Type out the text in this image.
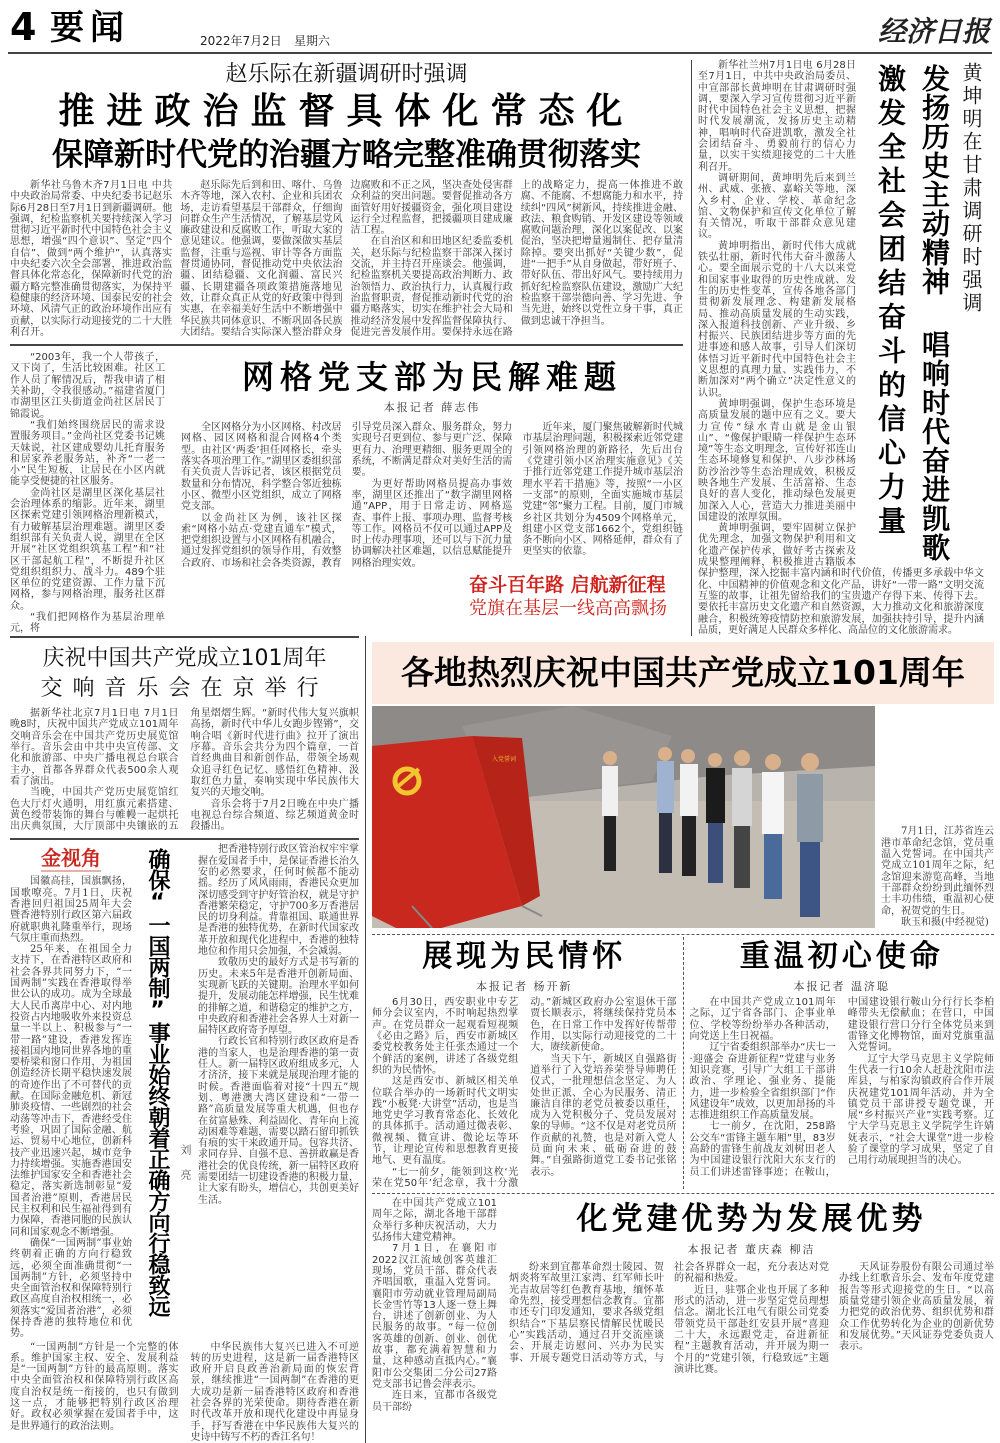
4 要闻	2022年7月2日 星期六	经济日报
赵乐际在新疆调研时强调
推进政治监督具体化常态化
保障新时代党的治疆方略完整准确贯彻落实

新华社乌鲁木齐7月1日电 中共中央政治局常委、中央纪委书记赵乐际6月28日至7月1日到新疆调研。他强调，纪检监察机关要持续深入学习贯彻习近平新时代中国特色社会主义思想，增强“四个意识”、坚定“四个自信”、做到“两个维护”，认真落实中央纪委六次全会部署，推进政治监督具体化常态化，保障新时代党的治疆方略完整准确贯彻落实，为保持平稳健康的经济环境、国泰民安的社会环境、风清气正的政治环境作出应有贡献，以实际行动迎接党的二十大胜利召开。

赵乐际先后到和田、喀什、乌鲁木齐等地，深入农村、企业和兵团农场，走访看望基层干部群众，仔细询问群众生产生活情况，了解基层党风廉政建设和反腐败工作，听取大家的意见建议。他强调，要做深做实基层监督，注重与巡视、审计等各方面监督贯通协同，督促推动党中央依法治疆、团结稳疆、文化润疆、富民兴疆、长期建疆各项政策措施落地见效，让群众真正从党的好政策中得到实惠，在幸福美好生活中不断增强中华民族共同体意识、不断巩固各民族大团结。要结合实际深入整治群众身边腐败和不正之风，坚决查处侵害群众利益的突出问题。要督促推动各方面管好用好援疆资金，强化项目建设运行全过程监督，把援疆项目建成廉洁工程。

在自治区和和田地区纪委监委机关，赵乐际与纪检监察干部深入探讨交流，并主持召开座谈会。他强调，纪检监察机关要提高政治判断力、政治领悟力、政治执行力，认真履行政治监督职责，督促推动新时代党的治疆方略落实，切实在维护社会大局和推动经济发展中发挥监督保障执行、促进完善发展作用。要保持永远在路上的战略定力，提高一体推进不敢腐、不能腐、不想腐能力和水平，持续纠“四风”树新风，持续推进金融、政法、粮食购销、开发区建设等领域腐败问题治理，深化以案促改、以案促治，坚决把增量遏制住、把存量清除掉。要突出抓好“关键少数”，促进“一把手”从自身做起，带好班子、带好队伍、带出好风气。要持续用力抓好纪检监察队伍建设，激励广大纪检监察干部崇德向善、学习先进、争当先进，始终以党性立身干事，真正做到忠诚干净担当。

“2003年，我一个人带孩子，又下岗了，生活比较困难。社区工作人员了解情况后，帮我申请了相关补助，令我很感动。”福建省厦门市湖里区江头街道金尚社区居民丁锦霞说。

“我们始终围绕居民的需求设置服务项目。”金尚社区党委书记姚天妹说，社区建成婴幼儿托育服务和居家养老服务站，补齐“一老一小”民生短板，让居民在小区内就能享受便捷的社区服务。

金尚社区是湖里区深化基层社会治理体系的缩影。近年来，湖里区探索党建引领网格治理新模式，有力破解基层治理难题。湖里区委组织部有关负责人说，湖里在全区开展“社区党组织筑基工程”和“社区干部起航工程”，不断提升社区党组织组织力、战斗力。489个驻区单位的党建资源、工作力量下沉网格，参与网格治理，服务社区群众。

“我们把网格作为基层治理单元，将

网格党支部为民解难题
本报记者 薛志伟

全区网格分为小区网格、村改居网格、园区网格和混合网格4个类型。由社区‘两委’担任网格长，牵头落实各项治理工作。”湖里区委组织部有关负责人告诉记者，该区根据党员数量和分布情况，科学整合邻近独栋小区、微型小区党组织，成立了网格党支部。

以金尚社区为例，该社区探索“网格小站点·党建直通车”模式，把党组织设置与小区网格有机融合，通过发挥党组织的领导作用，有效整合政府、市场和社会各类资源，教育引导党员深入群众、服务群众，努力实现号召更到位、参与更广泛、保障更有力、治理更精细、服务更周全的系统，不断满足群众对美好生活的需要。

为更好帮助网格员提高办事效率，湖里区还推出了“数字湖里网格通”APP，用于日常走访、网格巡查、事件上报、事项办理、监督考核等工作。网格员不仅可以通过APP及时上传办理事项，还可以与下沉力量协调解决社区难题，以信息赋能提升网格治理实效。

近年来，厦门聚焦破解新时代城市基层治理问题，积极探索近邻党建引领网格治理的新路径，先后出台《党建引领小区治理实施意见》《关于推行近邻党建工作提升城市基层治理水平若干措施》等，按照“一小区一支部”的原则，全面实施城市基层党建“邻”聚力工程。目前，厦门市城乡社区共划分为4509个网格单元，组建小区党支部1662个，党组织链条不断向小区、网格延伸，群众有了更坚实的依靠。

奋斗百年路 启航新征程
党旗在基层一线高高飘扬
黄坤明在甘肃调研时强调
发扬历史主动精神 唱响时代奋进凯歌
激发全社会团结奋斗的信心力量

新华社兰州7月1日电 6月28日至7月1日，中共中央政治局委员、中宣部部长黄坤明在甘肃调研时强调，要深入学习宣传贯彻习近平新时代中国特色社会主义思想，把握时代发展潮流，发扬历史主动精神，唱响时代奋进凯歌，激发全社会团结奋斗、勇毅前行的信心力量，以实干实绩迎接党的二十大胜利召开。

调研期间，黄坤明先后来到兰州、武威、张掖、嘉峪关等地，深入乡村、企业、学校、革命纪念馆、文物保护和宣传文化单位了解有关情况，听取干部群众意见建议。

黄坤明指出，新时代伟大成就铁弘壮丽，新时代伟大奋斗激荡人心。要全面展示党的十八大以来党和国家事业取得的历史性成就、发生的历史性变革，宣传各地各部门贯彻新发展理念、构建新发展格局、推动高质量发展的生动实践，深入报道科技创新、产业升级、乡村振兴、民族团结进步等方面的先进事迹和感人故事，引导人们深切体悟习近平新时代中国特色社会主义思想的真理力量、实践伟力，不断加深对“两个确立”决定性意义的认识。

黄坤明强调，保护生态环境是高质量发展的题中应有之义。要大力宣传“绿水青山就是金山银山”、“像保护眼睛一样保护生态环境”等生态文明理念，宣传好祁连山生态环境修复和保护、八步沙林场防沙治沙等生态治理成效，积极反映各地生产发展、生活富裕、生态良好的喜人变化，推动绿色发展更加深入人心，营造大力推进美丽中国建设的浓厚氛围。

黄坤明强调，要牢固树立保护优先理念，加强文物保护利用和文化遗产保护传承，做好考古探索及成果整理阐释，积极推进古籍版本保护整理，深入挖掘丰富内涵和时代价值，传播更多承载中华文化、中国精神的价值观念和文化产品，讲好“一带一路”文明交流互鉴的故事，让祖先留给我们的宝贵遗产存得下来、传得下去。要依托丰富历史文化遗产和自然资源，大力推动文化和旅游深度融合，积极统筹疫情防控和旅游发展，加强扶持引导，提升内涵品质，更好满足人民群众多样化、高品位的文化旅游需求。

庆祝中国共产党成立101周年
交响音乐会在京举行

据新华社北京7月1日电 7月1日晚8时，庆祝中国共产党成立101周年交响音乐会在中国共产党历史展览馆举行。音乐会由中共中央宣传部、文化和旅游部、中央广播电视总台联合主办，首都各界群众代表500余人观看了演出。

当晚，中国共产党历史展览馆红色大厅灯火通明，用红旗元素搭建、黄色绶带装饰的舞台与帷幔一起烘托出庆典氛围，大厅顶部中央镶嵌的五角星熠熠生辉。“新时代伟大复兴旗帜高扬，新时代中华儿女跑步铿锵”，交响合唱《新时代进行曲》拉开了演出序幕。音乐会共分为四个篇章，一首首经典曲目和新创作品，带领全场观众追寻红色记忆、感悟红色精神、汲取红色力量，奏响实现中华民族伟大复兴的天地交响。

音乐会将于7月2日晚在中央广播电视总台综合频道、综艺频道黄金时段播出。

金视角

国徽高挂，国旗飘扬，国歌嘹亮。7月1日，庆祝香港回归祖国25周年大会暨香港特别行政区第六届政府就职典礼隆重举行，现场气氛庄重而热烈。

25年来，在祖国全力支持下，在香港特区政府和社会各界共同努力下，“一国两制”实践在香港取得举世公认的成功。成为全球最大人民币离岸中心、对内地投资占内地吸收外来投资总量一半以上、积极参与“一带一路”建设，香港发挥连接祖国内地同世界各地的重要桥梁和窗口作用，为祖国创造经济长期平稳快速发展的奇迹作出了不可替代的贡献。在国际金融危机、新冠肺炎疫情、一些剧烈的社会动荡等冲击下，香港经受住考验，巩固了国际金融、航运、贸易中心地位，创新科技产业迅速兴起，城市竞争力持续增强。实施香港国安法维护国家安全和香港社会稳定，落实新选制彰显“爱国者治港”原则，香港居民民主权利和民生福祉得到有力保障，香港同胞的民族认同和国家观念不断增强。

确保“一国两制”事业始终朝着正确的方向行稳致远，必须全面准确贯彻“一国两制”方针，必须坚持中央全面管治权和保障特别行政区高度自治权相统一，必须落实“爱国者治港”，必须保持香港的独特地位和优势。

确保“一国两制”事业始终朝着正确方向行稳致远 刘亮

把香港特别行政区管治权牢牢掌握在爱国者手中，是保证香港长治久安的必然要求，任何时候都不能动摇。经历了风风雨雨，香港民众更加深切感受到守护好管治权，就是守护香港繁荣稳定，守护700多万香港居民的切身利益。背靠祖国、联通世界是香港的独特优势，在新时代国家改革开放和现代化进程中，香港的独特地位和作用只会加强，不会减弱。

致敬历史的最好方式是书写新的历史。未来5年是香港开创新局面、实现新飞跃的关键期。治理水平如何提升，发展动能怎样增强，民生忧难的排解之道，和谐稳定的维护之方，中央政府和香港社会各界人士对新一届特区政府寄予厚望。

行政长官和特别行政区政府是香港的当家人，也是治理香港的第一责任人。新一届特区政府组成多元，人才济济，接下来就是展现治理才能的时候。香港面临着对接“十四五”规划、粤港澳大湾区建设和“一带一路”高质量发展等重大机遇，但也存在贫富悬殊、利益固化、青年向上流动困难等难题，需要以踏石留印抓铁有痕的实干来政通开局。包容共济、求同存异、自强不息、善拼敢赢是香港社会的优良传统，新一届特区政府需要团结一切建设香港的积极力量，让大家有盼头，增信心，共创更美好生活。

“一国两制”方针是一个完整的体系。维护国家主权、安全、发展利益是“一国两制”方针的最高原则。落实中央全面管治权和保障特别行政区高度自治权是统一衔接的，也只有做到这一点，才能够把特别行政区治理好。政权必须掌握在爱国者手中，这是世界通行的政治法则。

中华民族伟大复兴已进入不可逆转的历史进程，这是新一届香港特区政府开启良政善治新局面的恢宏背景，继续推进“一国两制”在香港的更大成功是新一届香港特区政府和香港社会各界的光荣使命。期待香港在新时代改革开放和现代化建设中再显身手，抒写香港在中华民族伟大复兴的史诗中铸写不朽的香江名句！

各地热烈庆祝中国共产党成立101周年
入党誓词

7月1日，江苏省连云港市革命纪念馆，党员重温入党誓词。在中国共产党成立101周年之际，纪念馆迎来游览高峰，当地干部群众纷纷到此缅怀烈士丰功伟绩，重温初心使命，祝贺党的生日。

耿玉和摄(中经视觉)

展现为民情怀
本报记者 杨开新

6月30日，西安职业中专艺师分会议室内，不时响起热烈掌声。在党员群众一起观看短视频《必由之路》后，西安市新城区委党校教务处主任张杰通过一个个鲜活的案例，讲述了各级党组织的为民情怀。

这是西安市、新城区相关单位联合举办的一场新时代文明实践“小板凳·大讲堂”活动，也是当地党史学习教育常态化、长效化的具体抓手。活动通过微表彰、微视频、微宣讲、微论坛等环节，让理论宣传和思想教育更接地气、更有温度。

“七一前夕，能领到这枚‘光荣在党50年’纪念章，我十分激动。”新城区政府办公室退休干部贾长顺表示，将继续保持党员本色，在日常工作中发挥好传帮带作用，以实际行动迎接党的二十大，赓续新使命。

当天下午，新城区自强路街道举行了入党培养荣誉导师聘任仪式，一批理想信念坚定、为人处世正派、全心为民服务、清正廉洁自律的老党员被委以重任，成为入党积极分子、党员发展对象的导师。“这不仅是对老党员所作贡献的礼赞，也是对新入党人员面向未来、砥砺奋进的鼓舞。”自强路街道党工委书记张铭表示。

重温初心使命
本报记者 温济聪

在中国共产党成立101周年之际，辽宁省各部门、企事业单位、学校等纷纷举办各种活动，向党送上生日祝福。

辽宁省委组织部举办“庆七一·迎盛会 奋进新征程”党建与业务知识竞赛，引导广大组工干部讲政治、学理论、强业务、提能力，进一步检验全省组织部门“作风建设年”成效，以更加昂扬的斗志推进组织工作高质量发展。

七一前夕，在沈阳，258路公交车“雷锋主题车厢”里，83岁高龄的雷锋生前战友刘树田老人为中国建设银行沈阳大东支行的员工们讲述雷锋事迹；在鞍山，中国建设银行鞍山分行行长李柏峰带头无偿献血；在营口，中国建设银行营口分行全体党员来到雷锋文化博物馆，面对党旗重温入党誓词。

辽宁大学马克思主义学院师生代表一行10余人赶赴沈阳市法库县，与柏家沟镇政府合作开展庆祝建党101周年活动，并为全镇党员干部讲授专题党课，开展“乡村振兴产业”实践考察。辽宁大学马克思主义学院学生许婧妩表示，“社会大课堂”进一步检验了课堂的学习成果，坚定了自己用行动展现担当的决心。

在中国共产党成立101周年之际，湖北各地干部群众举行多种庆祝活动，大力弘扬伟大建党精神。

7月1日，在襄阳市2022汉江流域创客英雄汇现场，党员干部、群众代表齐唱国歌，重温入党誓词。襄阳市劳动就业管理局副局长金雪竹等13人逐一登上舞台，讲述了创新创业、为人民服务的故事。“每一位创客英雄的创新、创业、创优故事，都充满着智慧和力量，这种感动直抵内心。”襄阳市公交集团二分公司27路党支部书记鲁会萍表示。

连日来，宜都市各级党员干部纷

化党建优势为发展优势
本报记者 董庆森 柳洁

纷来到宜都革命烈士陵园、贺炳炎将军故里江家湾、红军师长叶光吉故居等红色教育基地，缅怀革命先烈，接受理想信念教育。宜都市还专门印发通知，要求各级党组织结合“下基层察民情解民忧暖民心”实践活动，通过召开交流座谈会、开展走访慰问、兴办为民实事、开展专题党日活动等方式，与社会各界群众一起，充分表达对党的祝福和热爱。

近日，驻鄂企业也开展了多种形式的活动，进一步坚定党员理想信念。湖北长江电气有限公司党委带领党员干部赴红安县开展“喜迎二十大，永远跟党走，奋进新征程”主题教育活动，并开展为期一个月的“党建引领，行稳致远”主题演讲比赛。

天风证券股份有限公司通过举办线上红歌音乐会、发布年度党建报告等形式迎接党的生日。“以高质量党建引领企业高质量发展，着力把党的政治优势、组织优势和群众工作优势转化为企业的创新优势和发展优势。”天风证券党委负责人表示。
